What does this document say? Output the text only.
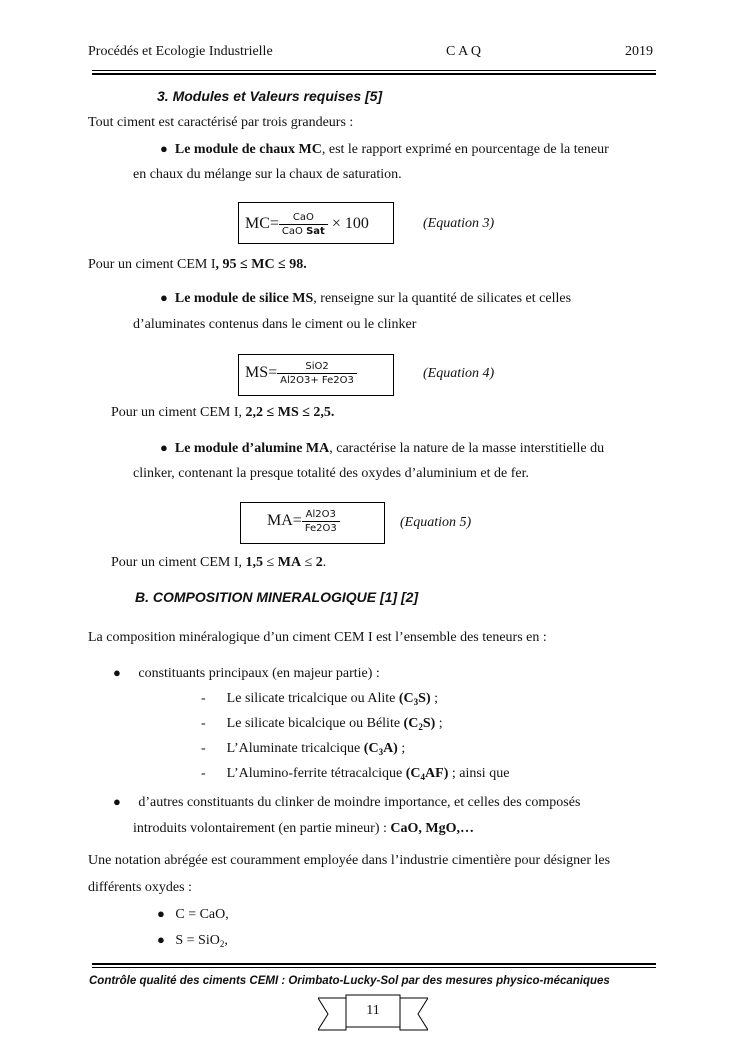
Procédés et Ecologie Industrielle	C A Q	2019
3. Modules et Valeurs requises [5]
Tout ciment est caractérisé par trois grandeurs :
● Le module de chaux MC, est le rapport exprimé en pourcentage de la teneur
en chaux du mélange sur la chaux de saturation.
$MC= \frac{\text{CaO}}{\text{CaO Sat}} \times 100$	(Equation 3)
Pour un ciment CEM I, 95 ≤ MC ≤ 98.
● Le module de silice MS, renseigne sur la quantité de silicates et celles
d’aluminates contenus dans le ciment ou le clinker
$MS= \frac{\text{SiO2}}{Al2O3+ Fe2O3}$	(Equation 4)
Pour un ciment CEM I, 2,2 ≤ MS ≤ 2,5.
● Le module d’alumine MA, caractérise la nature de la masse interstitielle du
clinker, contenant la presque totalité des oxydes d’aluminium et de fer.
$MA= \frac{Al2O3}{Fe2O3}$	(Equation 5)
Pour un ciment CEM I, 1,5 ≤ MA ≤ 2.
B. COMPOSITION MINERALOGIQUE [1] [2]
La composition minéralogique d’un ciment CEM I est l’ensemble des teneurs en :
● constituants principaux (en majeur partie) :
-      Le silicate tricalcique ou Alite $(C_3S)$ ;
-      Le silicate bicalcique ou Bélite $(C_2S)$ ;
-      L’Aluminate tricalcique $(C_3A)$ ;
-      L’Alumino-ferrite tétracalcique $(C_4AF)$ ; ainsi que
● d’autres constituants du clinker de moindre importance, et celles des composés
introduits volontairement (en partie mineur) : CaO, MgO,…
Une notation abrégée est couramment employée dans l’industrie cimentière pour désigner les
différents oxydes :
● C = CaO,
● S = SiO$_2$,
Contrôle qualité des ciments CEMI : Orimbato-Lucky-Sol par des mesures physico-mécaniques
11
